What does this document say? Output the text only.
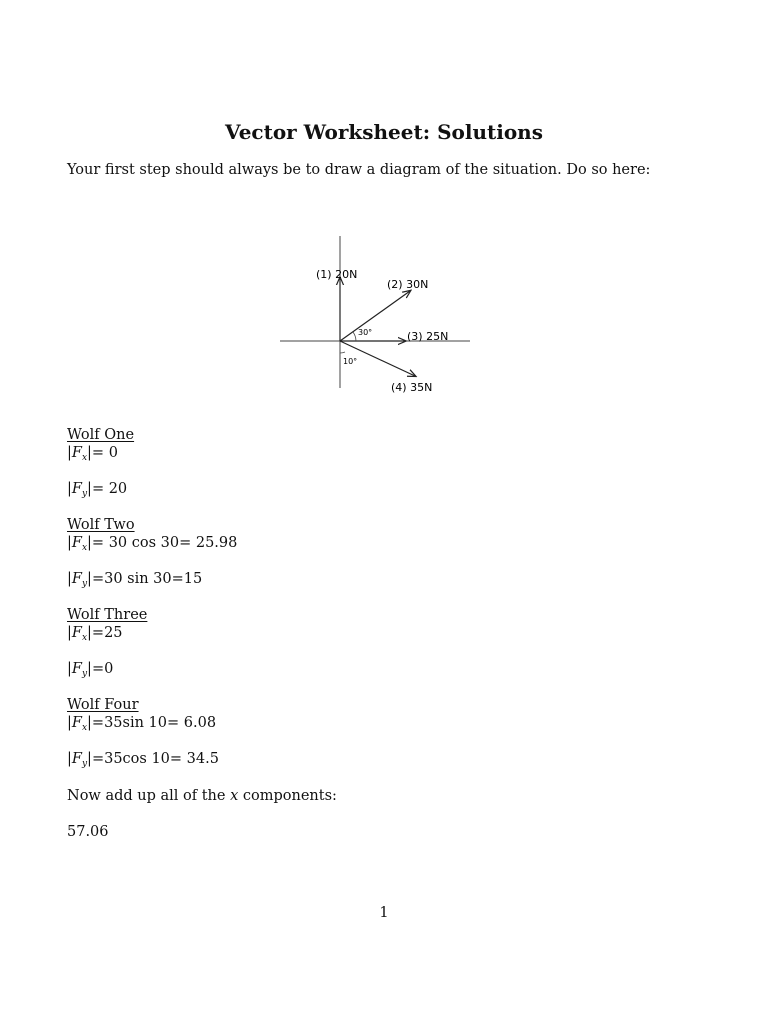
Vector Worksheet: Solutions
Your first step should always be to draw a diagram of the situation. Do so here:
(1) 20N
(2) 30N
(3) 25N
(4) 35N
30°
10°
Wolf One
$|F_x|= 0$
$|F_y|= 20$
Wolf Two
$|F_x|= 30$ cos 30= 25.98
$|F_y|=30$ sin 30=15
Wolf Three
$|F_x|=25$
$|F_y|=0$
Wolf Four
$|F_x|=35\sin$ 10= 6.08
$|F_y|=35\cos$ 10= 34.5
Now add up all of the x components:
57.06
1
